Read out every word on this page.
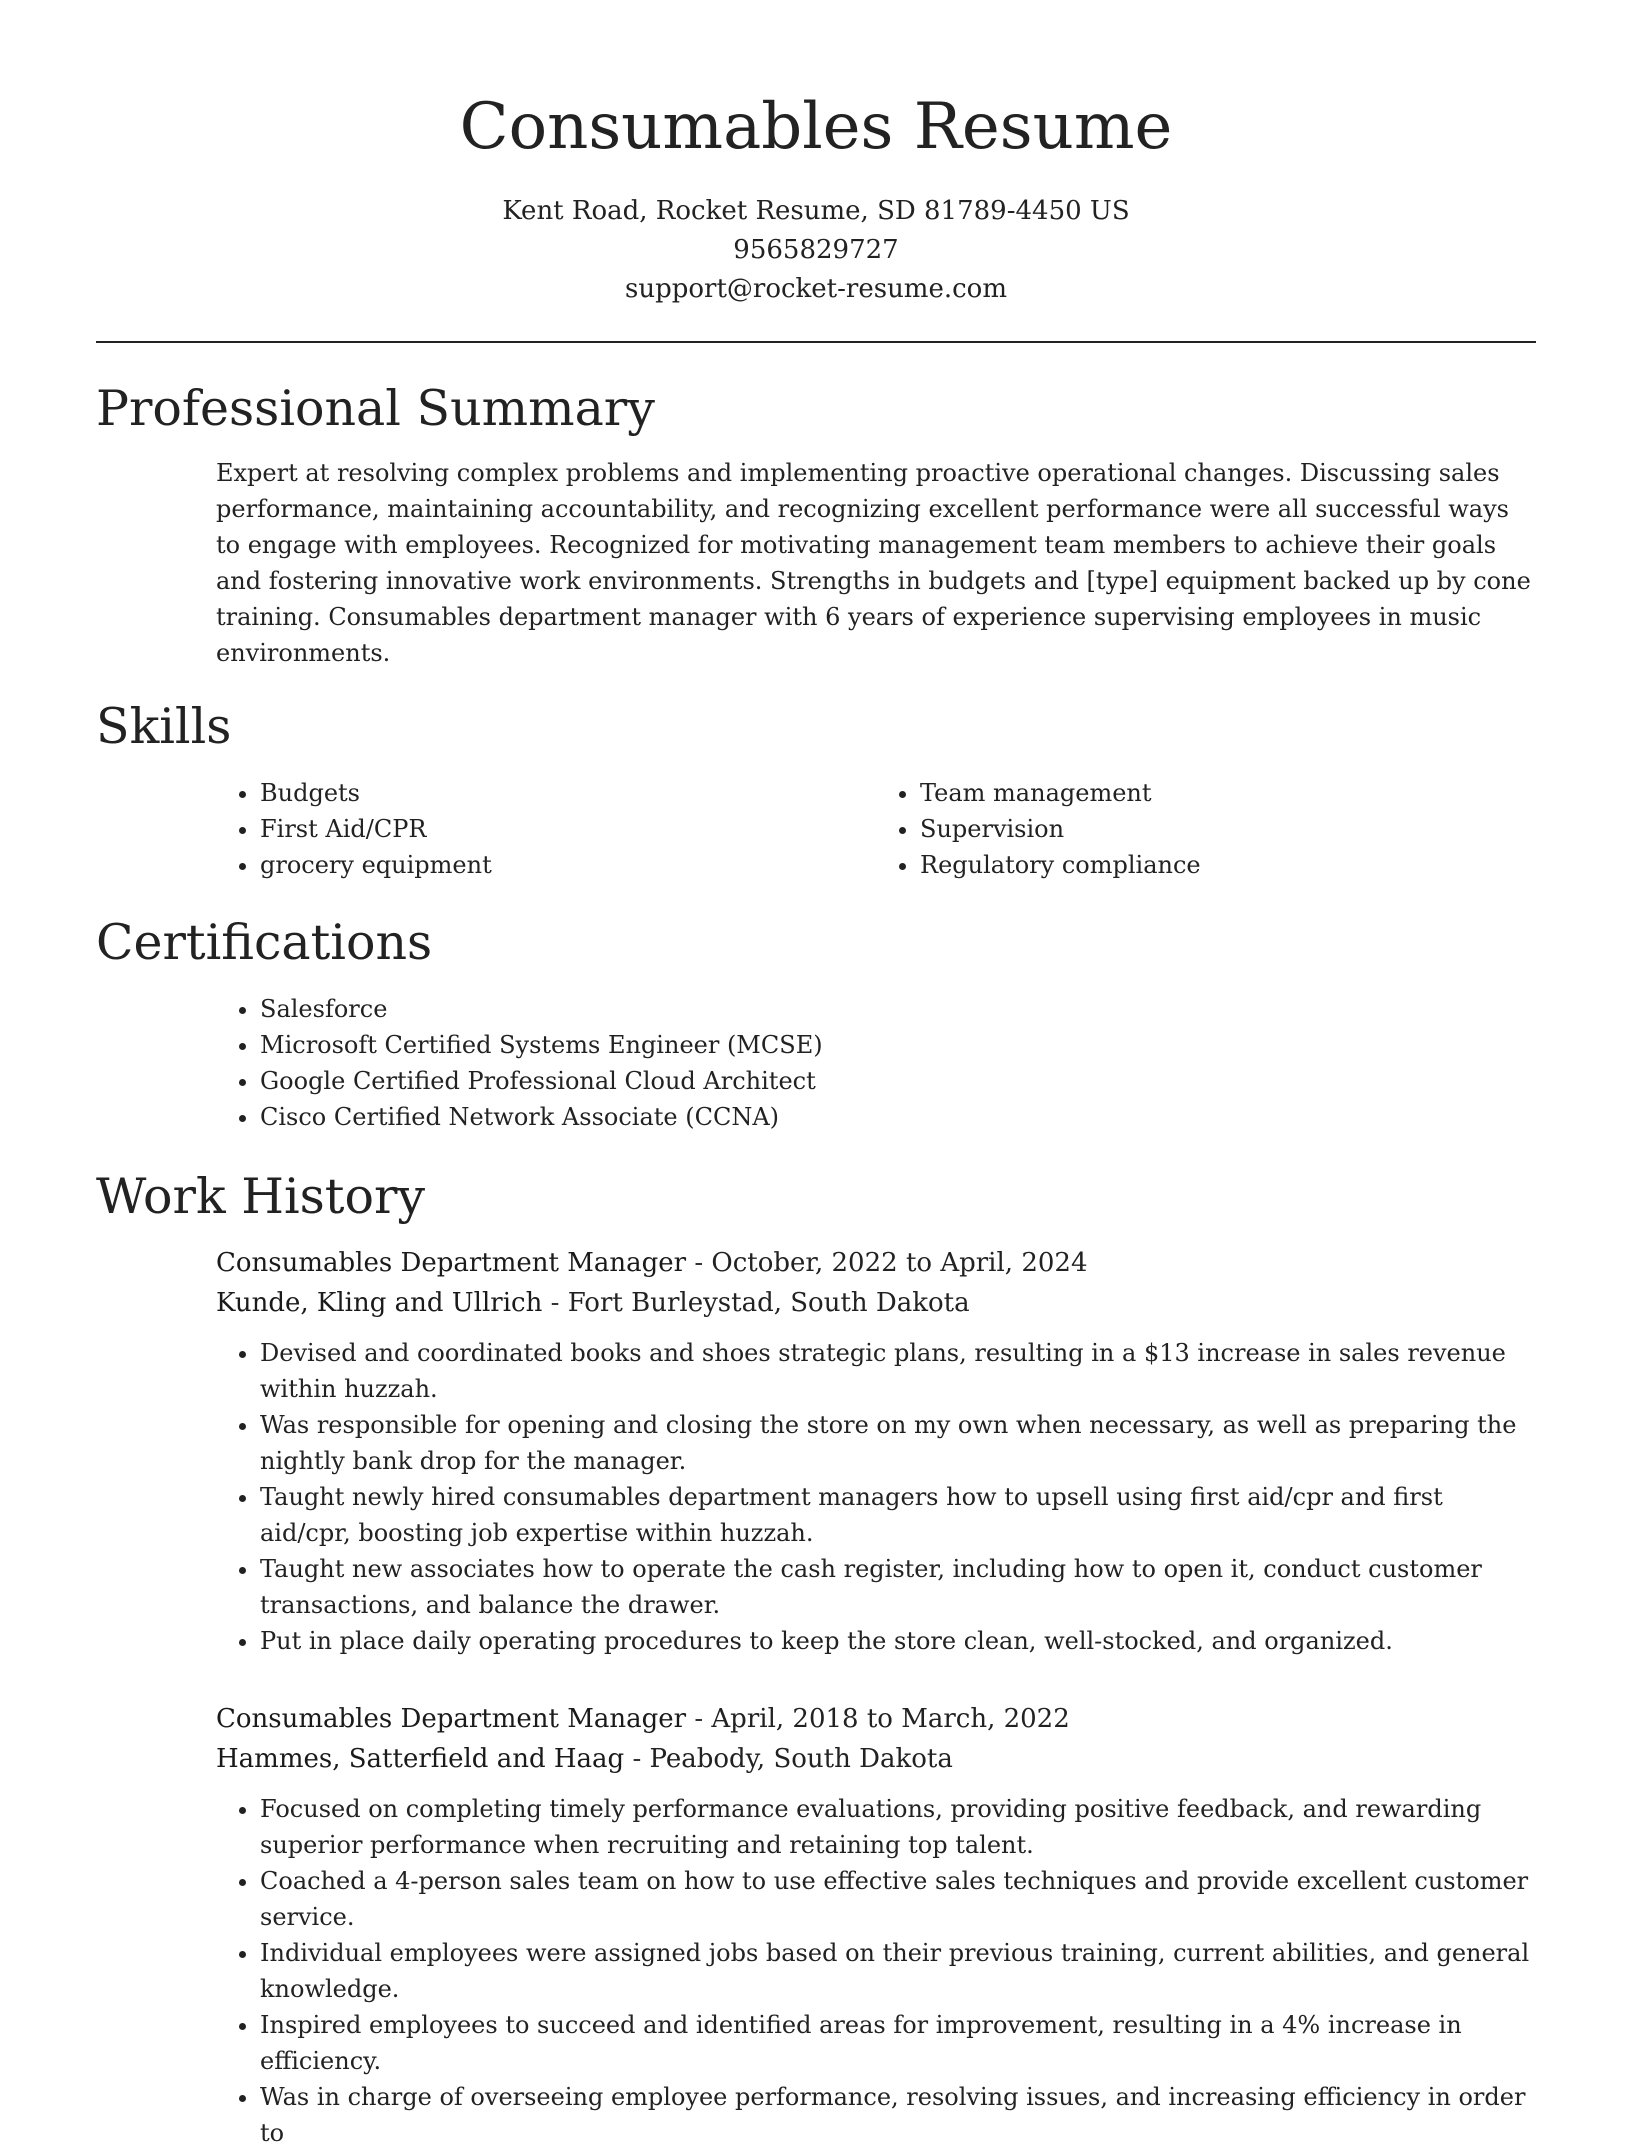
Consumables Resume
Kent Road, Rocket Resume, SD 81789-4450 US
9565829727
support@rocket-resume.com
Professional Summary

Expert at resolving complex problems and implementing proactive operational changes. Discussing sales performance, maintaining accountability, and recognizing excellent performance were all successful ways to engage with employees. Recognized for motivating management team members to achieve their goals and fostering innovative work environments. Strengths in budgets and [type] equipment backed up by cone training. Consumables department manager with 6 years of experience supervising employees in music environments.

Skills
• Budgets
• First Aid/CPR
• grocery equipment
• Team management
• Supervision
• Regulatory compliance
Certifications
• Salesforce
• Microsoft Certified Systems Engineer (MCSE)
• Google Certified Professional Cloud Architect
• Cisco Certified Network Associate (CCNA)
Work History
Consumables Department Manager - October, 2022 to April, 2024
Kunde, Kling and Ullrich - Fort Burleystad, South Dakota
• Devised and coordinated books and shoes strategic plans, resulting in a $13 increase in sales revenue within huzzah.
• Was responsible for opening and closing the store on my own when necessary, as well as preparing the nightly bank drop for the manager.
• Taught newly hired consumables department managers how to upsell using first aid/cpr and first aid/cpr, boosting job expertise within huzzah.
• Taught new associates how to operate the cash register, including how to open it, conduct customer transactions, and balance the drawer.
• Put in place daily operating procedures to keep the store clean, well-stocked, and organized.
Consumables Department Manager - April, 2018 to March, 2022
Hammes, Satterfield and Haag - Peabody, South Dakota
• Focused on completing timely performance evaluations, providing positive feedback, and rewarding superior performance when recruiting and retaining top talent.
• Coached a 4-person sales team on how to use effective sales techniques and provide excellent customer service.
• Individual employees were assigned jobs based on their previous training, current abilities, and general knowledge.
• Inspired employees to succeed and identified areas for improvement, resulting in a 4% increase in efficiency.
• Was in charge of overseeing employee performance, resolving issues, and increasing efficiency in order to
